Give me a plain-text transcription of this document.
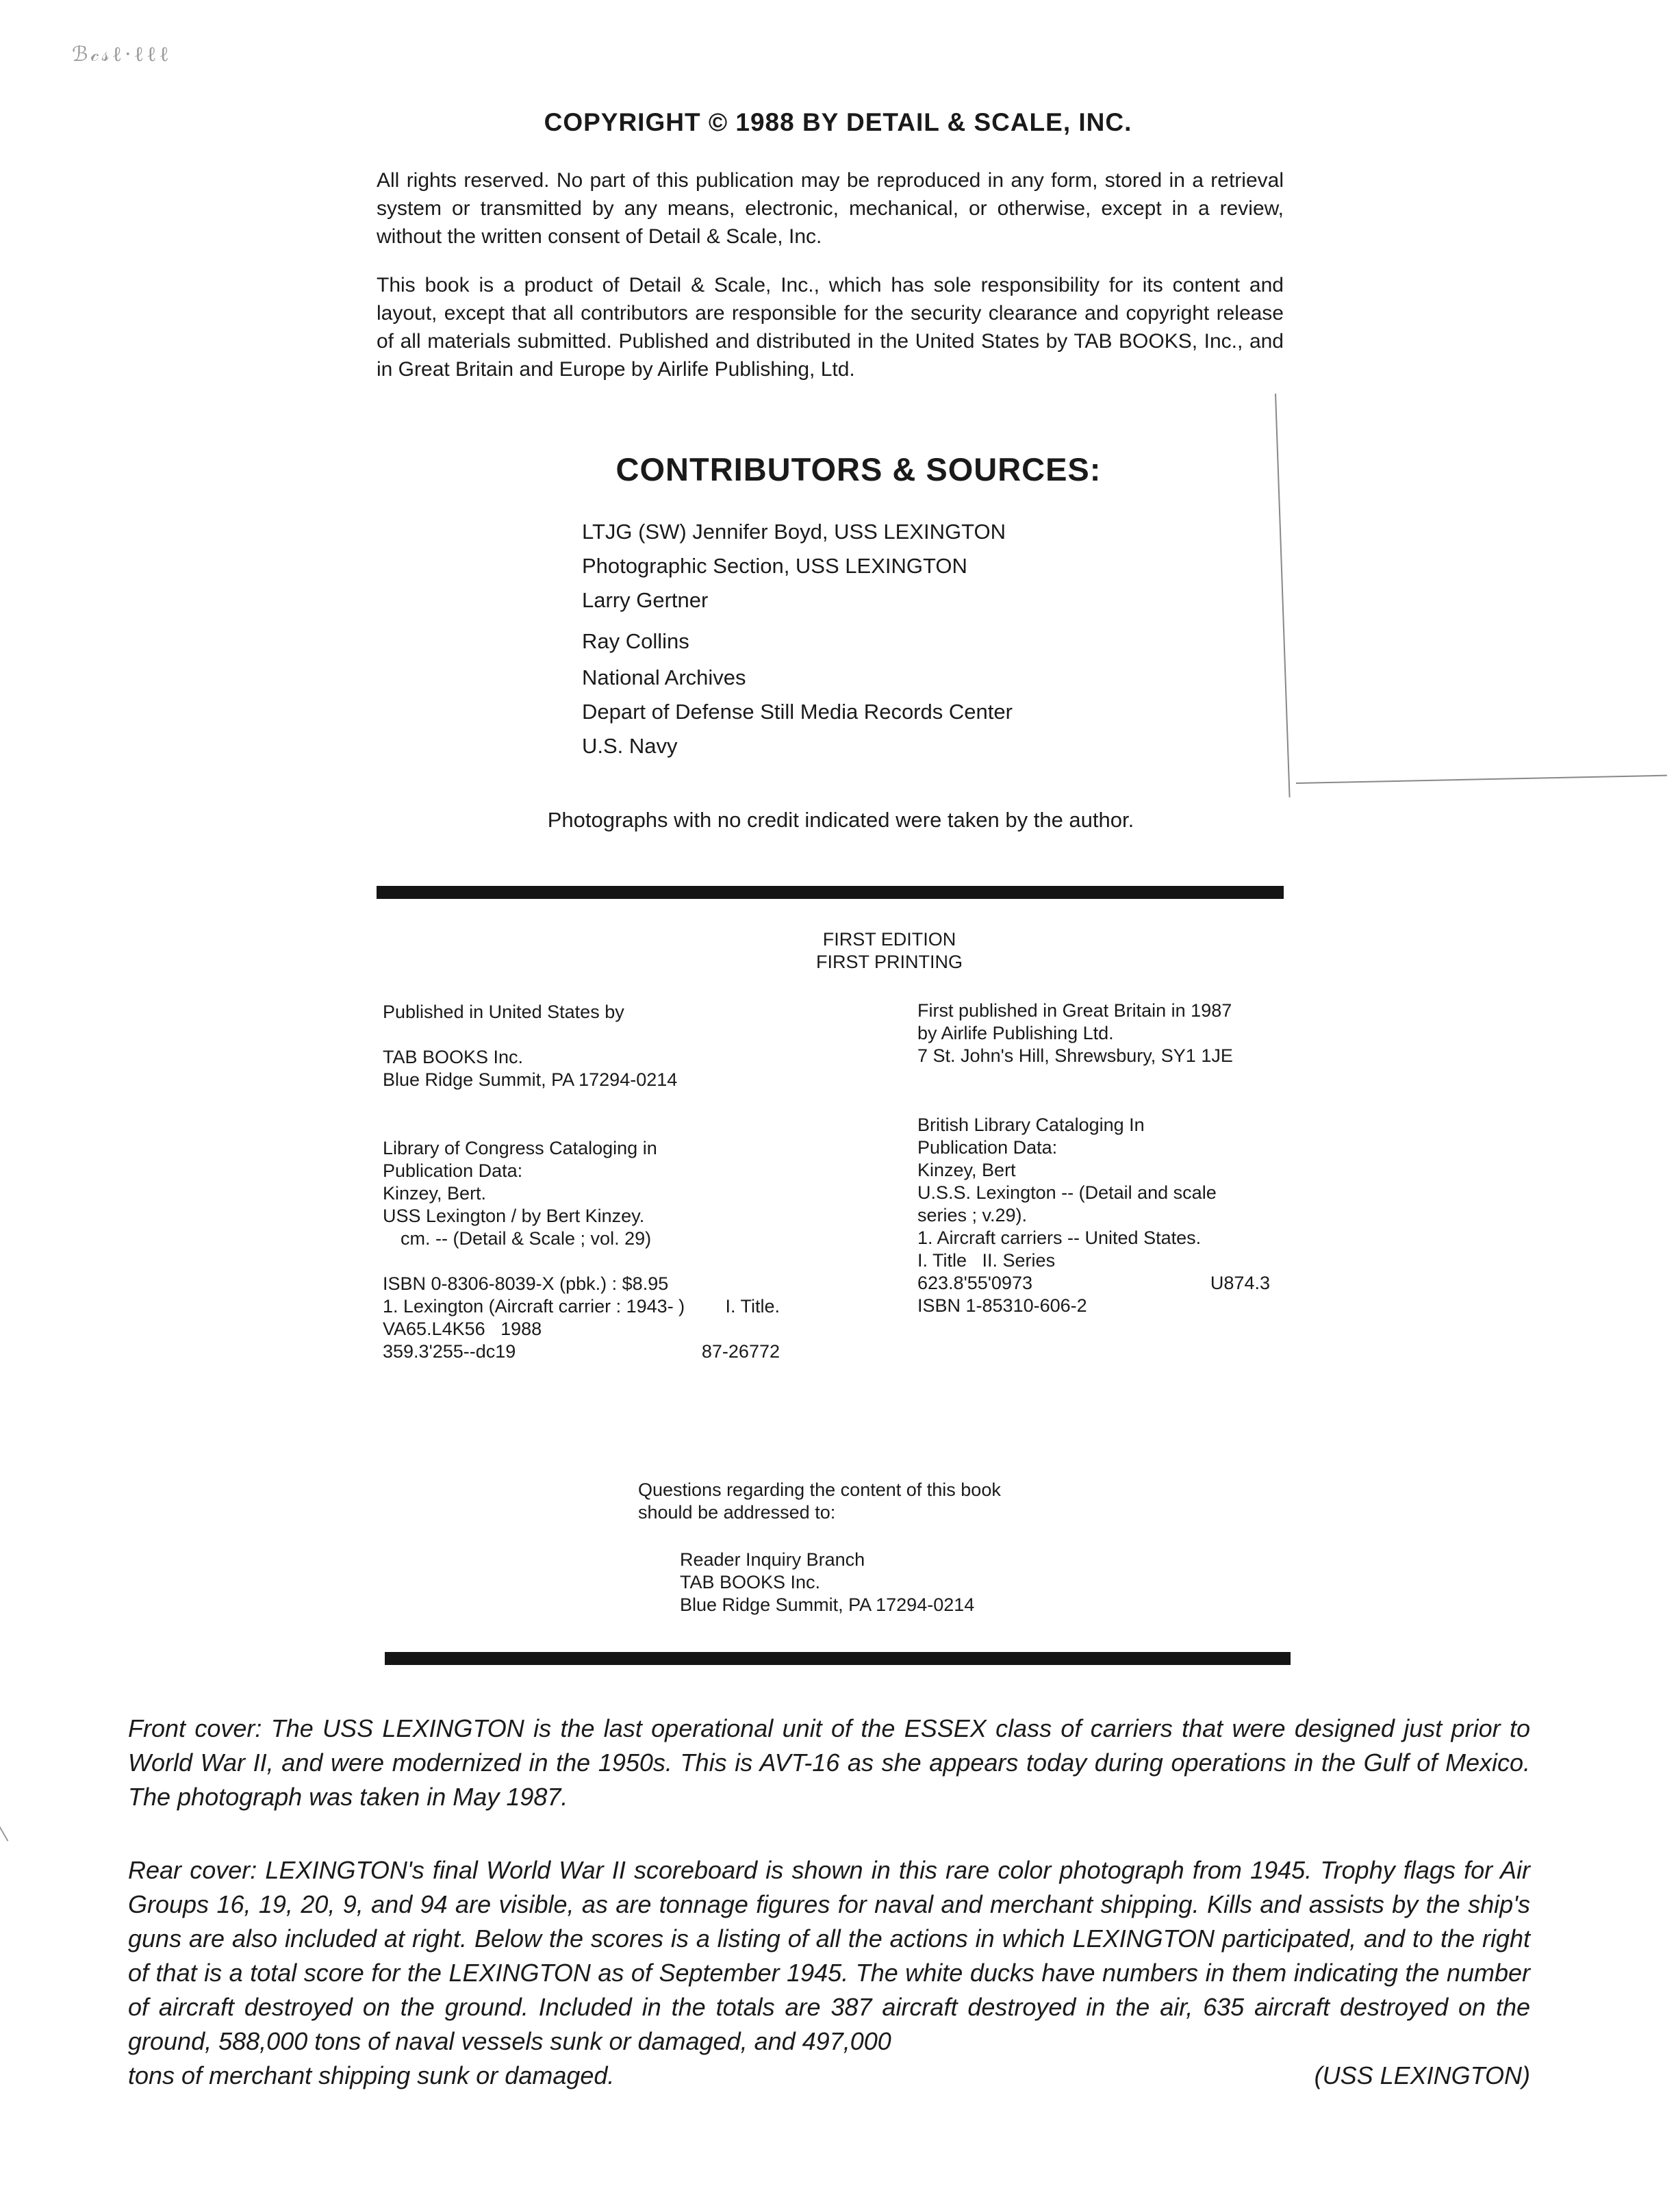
ℬ𝒸𝓈ℓ·ℓℓℓ
COPYRIGHT © 1988 BY DETAIL & SCALE, INC.

All rights reserved. No part of this publication may be reproduced in any form, stored in a retrieval system or transmitted by any means, electronic, mechanical, or otherwise, except in a review, without the written consent of Detail & Scale, Inc.

This book is a product of Detail & Scale, Inc., which has sole responsibility for its content and layout, except that all contributors are responsible for the security clearance and copyright release of all materials submitted. Published and distributed in the United States by TAB BOOKS, Inc., and in Great Britain and Europe by Airlife Publishing, Ltd.

CONTRIBUTORS & SOURCES:
LTJG (SW) Jennifer Boyd, USS LEXINGTON
Photographic Section, USS LEXINGTON
Larry Gertner
Ray Collins
National Archives
Depart of Defense Still Media Records Center
U.S. Navy
Photographs with no credit indicated were taken by the author.
FIRST EDITION
FIRST PRINTING
Published in United States by
TAB BOOKS Inc.
Blue Ridge Summit, PA 17294-0214
First published in Great Britain in 1987
by Airlife Publishing Ltd.
7 St. John's Hill, Shrewsbury, SY1 1JE
Library of Congress Cataloging in
Publication Data:
Kinzey, Bert.
USS Lexington / by Bert Kinzey.
cm. -- (Detail & Scale ; vol. 29)
ISBN 0-8306-8039-X (pbk.) : $8.95
1. Lexington (Aircraft carrier : 1943- ) I. Title.
VA65.L4K56   1988
359.3'255--dc19	87-26772
British Library Cataloging In
Publication Data:
Kinzey, Bert
U.S.S. Lexington -- (Detail and scale
series ; v.29).
1. Aircraft carriers -- United States.
I. Title   II. Series
623.8'55'0973	U874.3
ISBN 1-85310-606-2
Questions regarding the content of this book
should be addressed to:
Reader Inquiry Branch
TAB BOOKS Inc.
Blue Ridge Summit, PA 17294-0214

Front cover: The USS LEXINGTON is the last operational unit of the ESSEX class of carriers that were designed just prior to World War II, and were modernized in the 1950s. This is AVT-16 as she appears today during operations in the Gulf of Mexico. The photograph was taken in May 1987.

Rear cover: LEXINGTON's final World War II scoreboard is shown in this rare color photograph from 1945. Trophy flags for Air Groups 16, 19, 20, 9, and 94 are visible, as are tonnage figures for naval and merchant shipping. Kills and assists by the ship's guns are also included at right. Below the scores is a listing of all the actions in which LEXINGTON participated, and to the right of that is a total score for the LEXINGTON as of September 1945. The white ducks have numbers in them indicating the number of aircraft destroyed on the ground. Included in the totals are 387 aircraft destroyed in the air, 635 aircraft destroyed on the ground, 588,000 tons of naval vessels sunk or damaged, and 497,000
tons of merchant shipping sunk or damaged.	(USS LEXINGTON)
